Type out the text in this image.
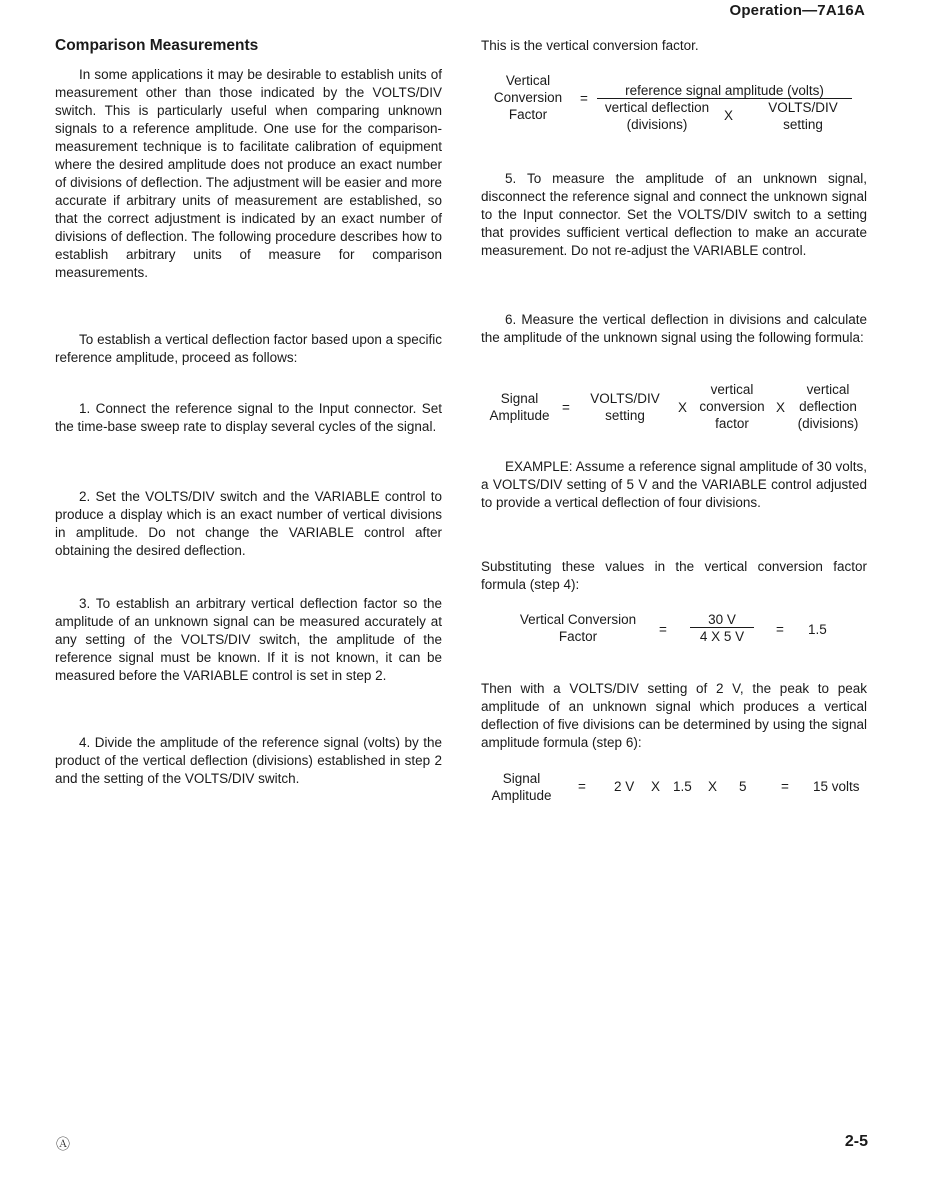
Operation—7A16A
Comparison Measurements

In some applications it may be desirable to establish units of measurement other than those indicated by the VOLTS/DIV switch. This is particularly useful when comparing unknown signals to a reference amplitude. One use for the comparison-measurement technique is to facilitate calibration of equipment where the desired amplitude does not produce an exact number of divisions of deflection. The adjustment will be easier and more accurate if arbitrary units of measurement are established, so that the correct adjustment is indicated by an exact number of divisions of deflection. The following procedure describes how to establish arbitrary units of measure for comparison measurements.

To establish a vertical deflection factor based upon a specific reference amplitude, proceed as follows:

1. Connect the reference signal to the Input connector. Set the time-base sweep rate to display several cycles of the signal.

2. Set the VOLTS/DIV switch and the VARIABLE control to produce a display which is an exact number of vertical divisions in amplitude. Do not change the VARIABLE control after obtaining the desired deflection.

3. To establish an arbitrary vertical deflection factor so the amplitude of an unknown signal can be measured accurately at any setting of the VOLTS/DIV switch, the amplitude of the reference signal must be known. If it is not known, it can be measured before the VARIABLE control is set in step 2.

4. Divide the amplitude of the reference signal (volts) by the product of the vertical deflection (divisions) established in step 2 and the setting of the VOLTS/DIV switch.

This is the vertical conversion factor.
Vertical
Conversion
Factor
=
reference signal amplitude (volts)
vertical deflection
(divisions)
X
VOLTS/DIV
setting

5. To measure the amplitude of an unknown signal, disconnect the reference signal and connect the unknown signal to the Input connector. Set the VOLTS/DIV switch to a setting that provides sufficient vertical deflection to make an accurate measurement. Do not re-adjust the VARIABLE control.

6. Measure the vertical deflection in divisions and calculate the amplitude of the unknown signal using the following formula:

Signal
Amplitude
=
VOLTS/DIV
setting
X
vertical
conversion
factor
X
vertical
deflection
(divisions)

EXAMPLE: Assume a reference signal amplitude of 30 volts, a VOLTS/DIV setting of 5 V and the VARIABLE control adjusted to provide a vertical deflection of four divisions.

Substituting these values in the vertical conversion factor formula (step 4):
Vertical Conversion
Factor	=
30 V
4 X 5 V	= 1.5
Then with a VOLTS/DIV setting of 2 V, the peak to peak amplitude of an unknown signal which produces a vertical deflection of five divisions can be determined by using the signal amplitude formula (step 6):
Signal
Amplitude
= 2 V X 1.5 X 5	= 15 volts
Ⓐ	2-5
